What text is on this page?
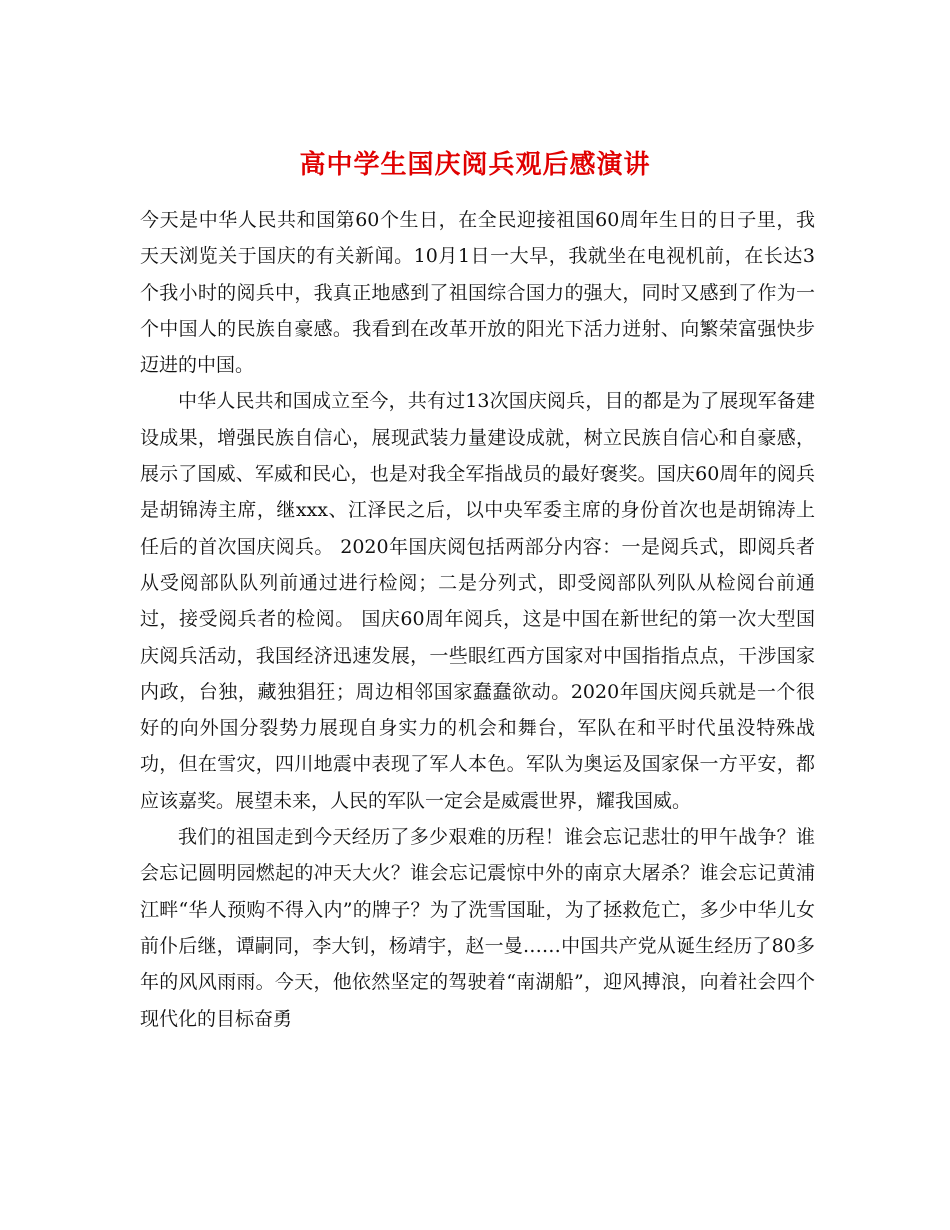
高中学生国庆阅兵观后感演讲

今天是中华人民共和国第60个生日，在全民迎接祖国60周年生日的日子里，我天天浏览关于国庆的有关新闻。10月1日一大早，我就坐在电视机前，在长达3个我小时的阅兵中，我真正地感到了祖国综合国力的强大，同时又感到了作为一个中国人的民族自豪感。我看到在改革开放的阳光下活力迸射、向繁荣富强快步迈进的中国。

中华人民共和国成立至今，共有过13次国庆阅兵，目的都是为了展现军备建设成果，增强民族自信心，展现武装力量建设成就，树立民族自信心和自豪感，展示了国威、军威和民心，也是对我全军指战员的最好褒奖。国庆60周年的阅兵是胡锦涛主席，继xxx、江泽民之后，以中央军委主席的身份首次也是胡锦涛上任后的首次国庆阅兵。 2020年国庆阅包括两部分内容：一是阅兵式，即阅兵者从受阅部队队列前通过进行检阅；二是分列式，即受阅部队列队从检阅台前通过，接受阅兵者的检阅。 国庆60周年阅兵，这是中国在新世纪的第一次大型国庆阅兵活动，我国经济迅速发展，一些眼红西方国家对中国指指点点，干涉国家内政，台独，藏独猖狂；周边相邻国家蠢蠢欲动。2020年国庆阅兵就是一个很好的向外国分裂势力展现自身实力的机会和舞台，军队在和平时代虽没特殊战功，但在雪灾，四川地震中表现了军人本色。军队为奥运及国家保一方平安，都应该嘉奖。展望未来，人民的军队一定会是威震世界，耀我国威。

我们的祖国走到今天经历了多少艰难的历程！谁会忘记悲壮的甲午战争？谁会忘记圆明园燃起的冲天大火？谁会忘记震惊中外的南京大屠杀？谁会忘记黄浦江畔“华人预购不得入内”的牌子？为了洗雪国耻，为了拯救危亡，多少中华儿女前仆后继，谭嗣同，李大钊，杨靖宇，赵一曼……中国共产党从诞生经历了80多年的风风雨雨。今天，他依然坚定的驾驶着“南湖船”，迎风搏浪，向着社会四个现代化的目标奋勇
